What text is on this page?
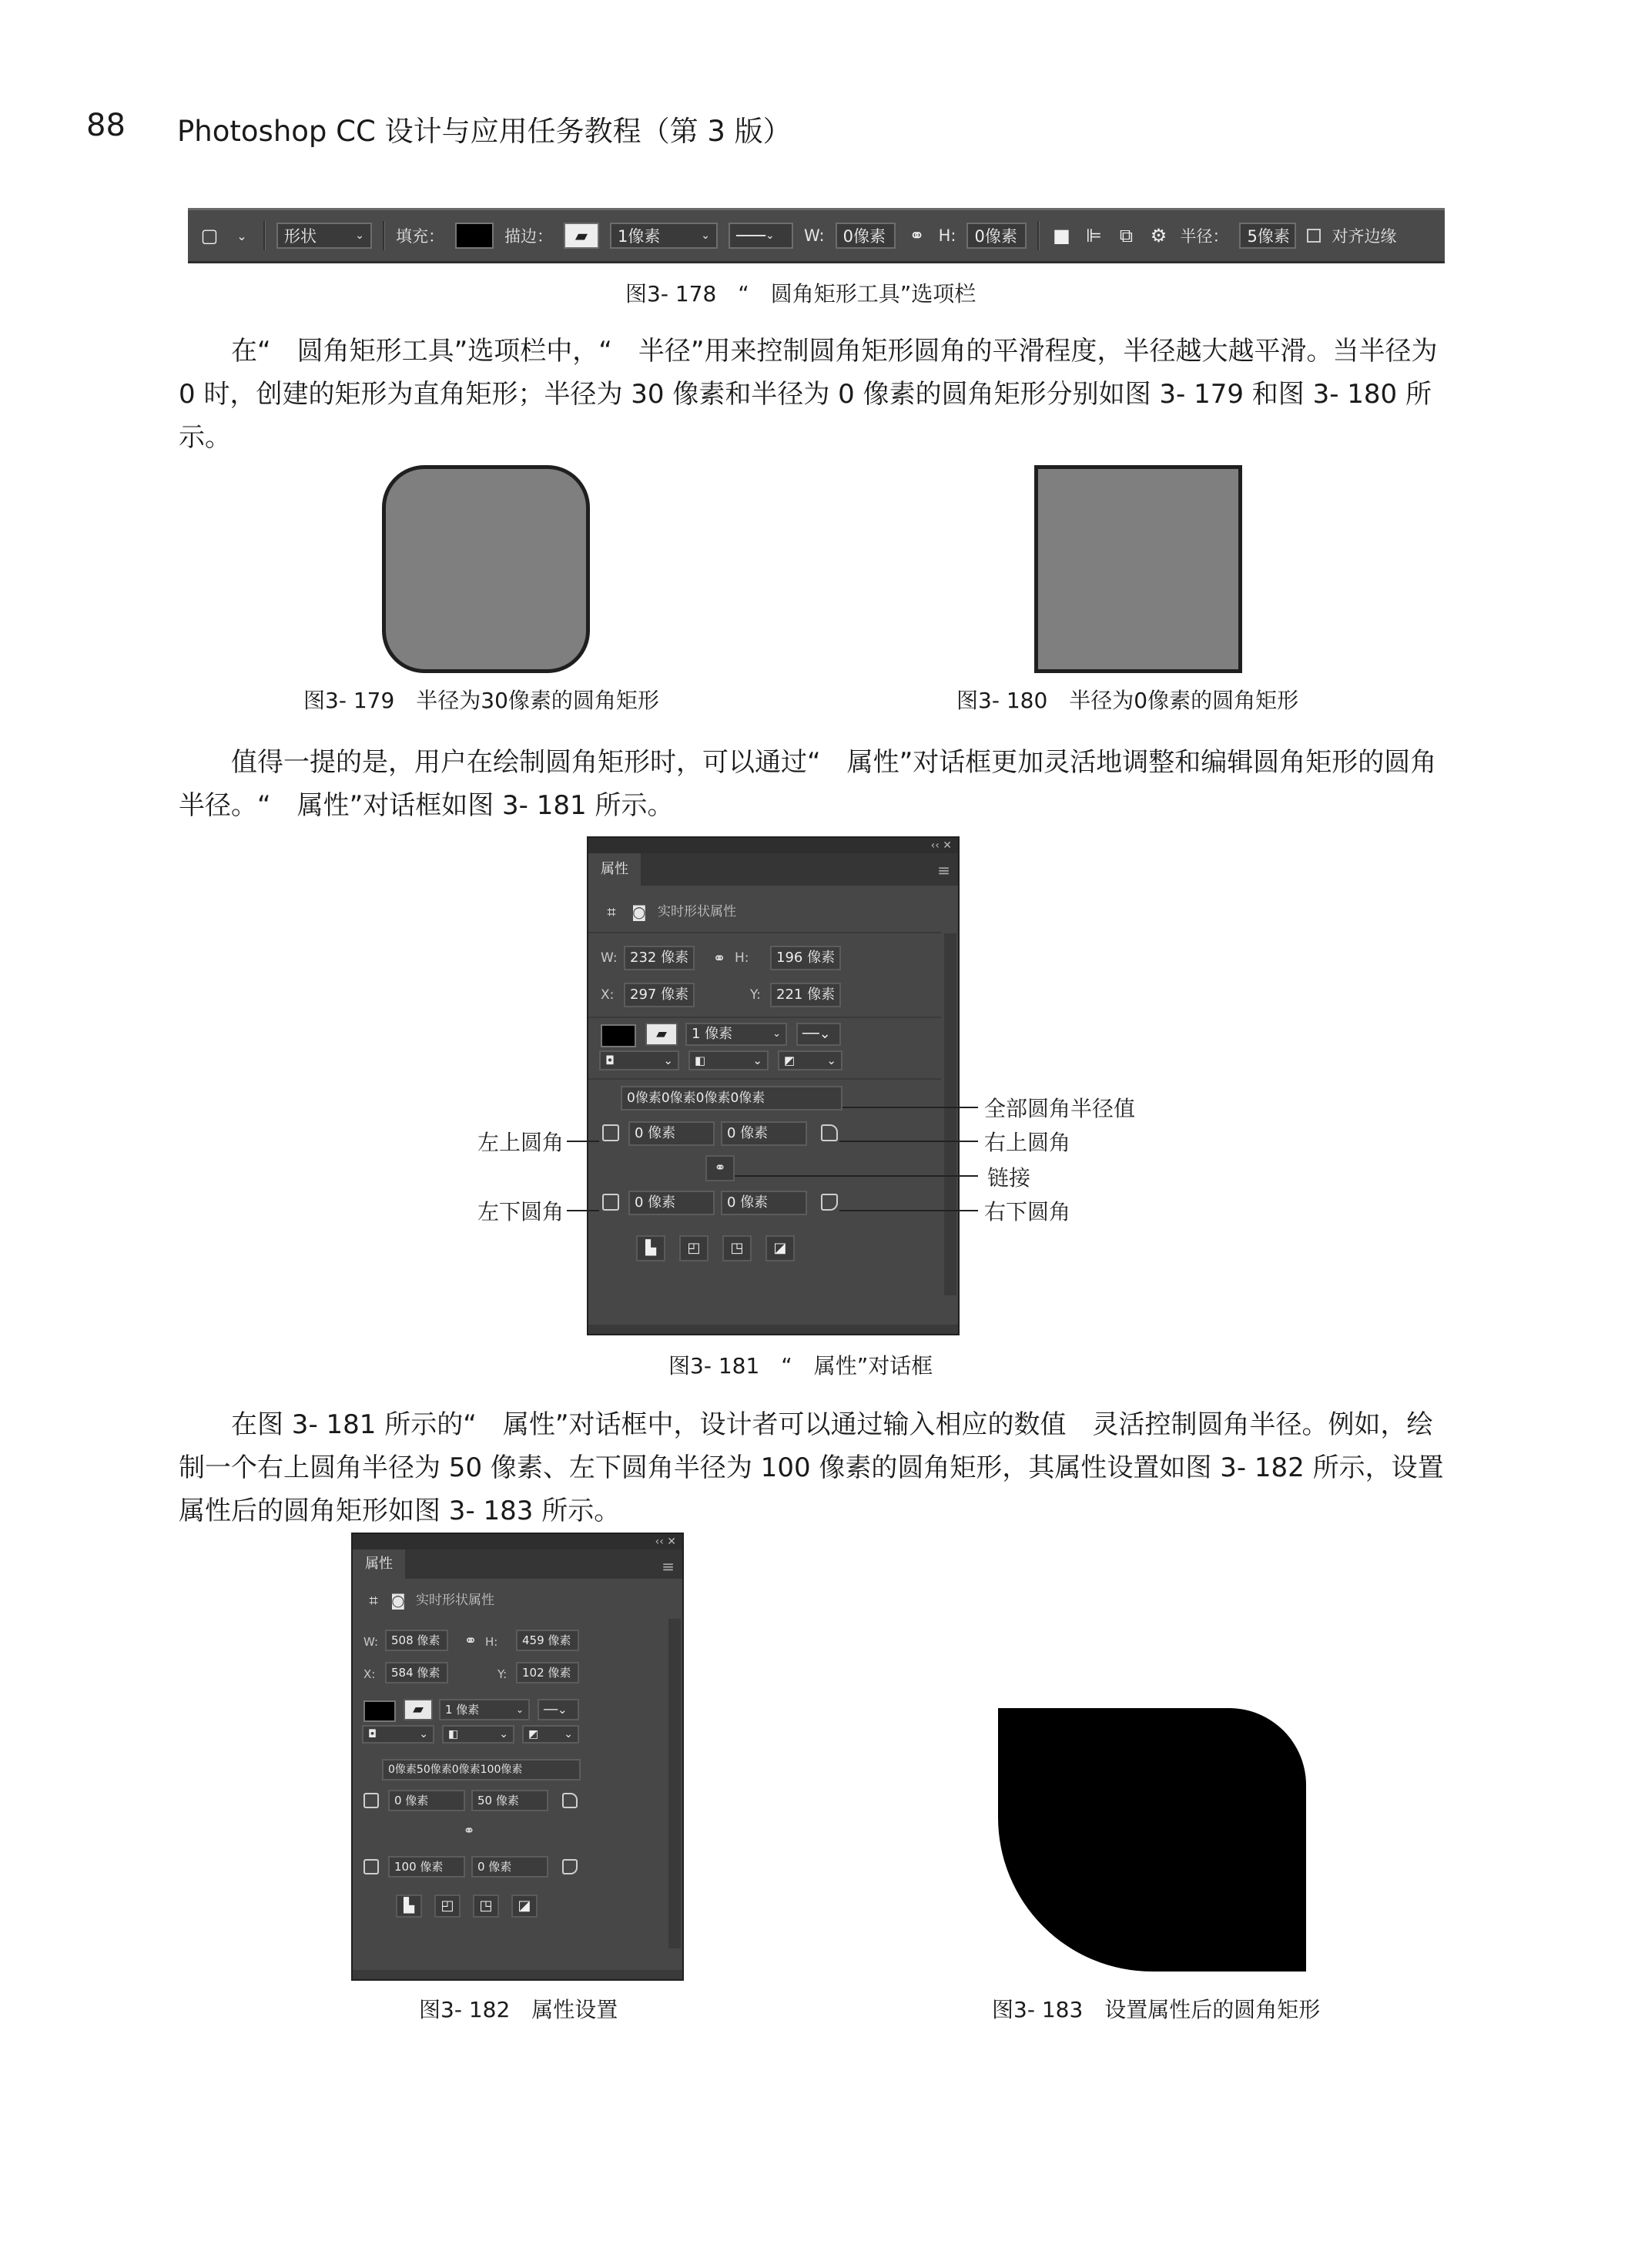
88 Photoshop CC 设计与应用任务教程（第 3 版）
▢	⌄	形状	⌄ 填充：	描边：	▰	1像素	⌄	─── ⌄ W:	0像素	⚭ H:	0像素	■ ⊫ ⧉ ⚙ 半径：	5像素	对齐边缘
图3- 178　“　圆角矩形工具”选项栏

在“　圆角矩形工具”选项栏中，“　半径”用来控制圆角矩形圆角的平滑程度，半径越大越平滑。当半径为 0 时，创建的矩形为直角矩形；半径为 30 像素和半径为 0 像素的圆角矩形分别如图 3- 179 和图 3- 180 所示。

图3- 179　半径为30像素的圆角矩形	图3- 180　半径为0像素的圆角矩形

值得一提的是，用户在绘制圆角矩形时，可以通过“　属性”对话框更加灵活地调整和编辑圆角矩形的圆角半径。“　属性”对话框如图 3- 181 所示。

‹‹ ✕
属性	≡
⌗	◙ 实时形状属性
W: 232 像素	⚭ H:	196 像素
X:	297 像素	Y:	221 像素
▰	1 像素	⌄	──⌄
◘	⌄	◧	⌄	◩	⌄
0像素0像素0像素0像素
0 像素	0 像素
⚭
0 像素	0 像素
▙	◰	◳	◪
全部圆角半径值
左上圆角	右上圆角
链接
左下圆角	右下圆角
图3- 181　“　属性”对话框

在图 3- 181 所示的“　属性”对话框中，设计者可以通过输入相应的数值　灵活控制圆角半径。例如，绘制一个右上圆角半径为 50 像素、左下圆角半径为 100 像素的圆角矩形，其属性设置如图 3- 182 所示，设置属性后的圆角矩形如图 3- 183 所示。

‹‹ ✕
属性	≡
⌗ ◙ 实时形状属性
W:	508 像素	⚭ H:	459 像素
X:	584 像素	Y:	102 像素
▰	1 像素	⌄	──⌄
◘	⌄	◧	⌄	◩ ⌄
0像素50像素0像素100像素
0 像素	50 像素
⚭
100 像素	0 像素
▙	◰	◳	◪
图3- 182　属性设置	图3- 183　设置属性后的圆角矩形
